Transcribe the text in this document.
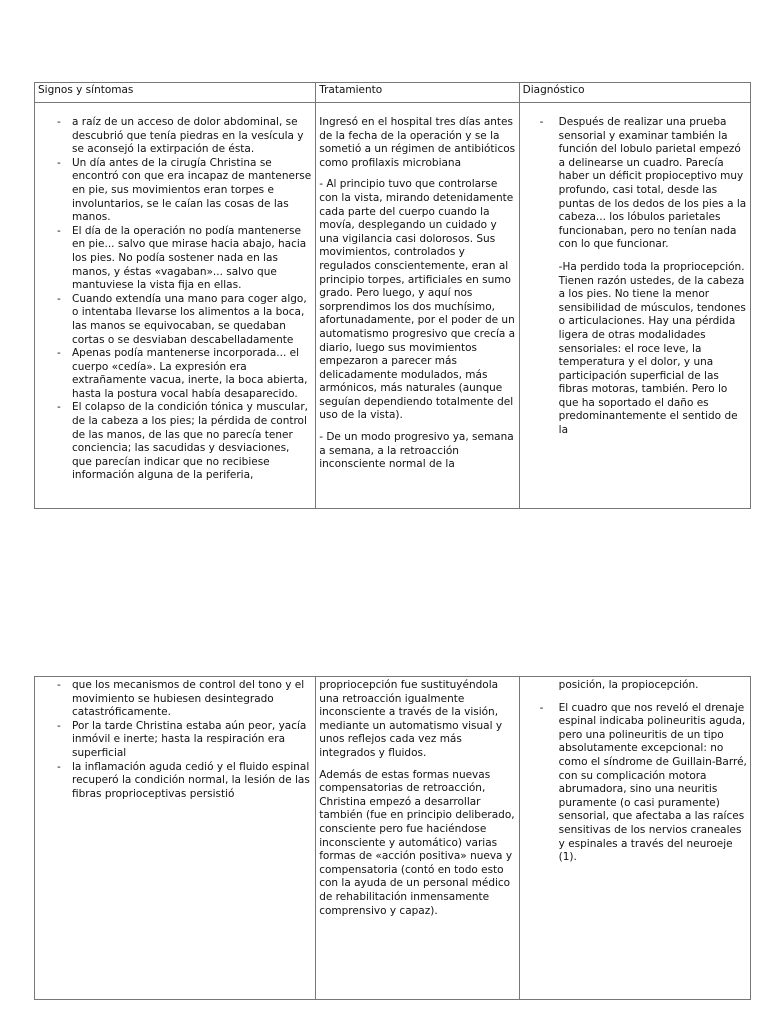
Signos y síntomas
- a raíz de un acceso de dolor abdominal, se descubrió que tenía piedras en la vesícula y se aconsejó la extirpación de ésta.
- Un día antes de la cirugía Christina se encontró con que era incapaz de mantenerse en pie, sus movimientos eran torpes e involuntarios, se le caían las cosas de las manos.
- El día de la operación no podía mantenerse en pie... salvo que mirase hacia abajo, hacia los pies. No podía sostener nada en las manos, y éstas «vagaban»... salvo que mantuviese la vista fija en ellas.
- Cuando extendía una mano para coger algo, o intentaba llevarse los alimentos a la boca, las manos se equivocaban, se quedaban cortas o se desviaban descabelladamente
- Apenas podía mantenerse incorporada... el cuerpo «cedía». La expresión era extrañamente vacua, inerte, la boca abierta, hasta la postura vocal había desaparecido.
- El colapso de la condición tónica y muscular, de la cabeza a los pies; la pérdida de control de las manos, de las que no parecía tener conciencia; las sacudidas y desviaciones, que parecían indicar que no recibiese información alguna de la periferia,
Tratamiento

Ingresó en el hospital tres días antes de la fecha de la operación y se la sometió a un régimen de antibióticos como profilaxis microbiana

- Al principio tuvo que controlarse con la vista, mirando detenidamente cada parte del cuerpo cuando la movía, desplegando un cuidado y una vigilancia casi dolorosos. Sus movimientos, controlados y regulados conscientemente, eran al principio torpes, artificiales en sumo grado. Pero luego, y aquí nos sorprendimos los dos muchísimo, afortunadamente, por el poder de un automatismo progresivo que crecía a diario, luego sus movimientos empezaron a parecer más delicadamente modulados, más armónicos, más naturales (aunque seguían dependiendo totalmente del uso de la vista).

- De un modo progresivo ya, semana a semana, a la retroacción inconsciente normal de la

Diagnóstico
- Después de realizar una prueba sensorial y examinar también la función del lobulo parietal empezó a delinearse un cuadro. Parecía haber un déficit propioceptivo muy profundo, casi total, desde las puntas de los dedos de los pies a la cabeza... los lóbulos parietales funcionaban, pero no tenían nada con lo que funcionar.
-Ha perdido toda la propriocepción. Tienen razón ustedes, de la cabeza a los pies. No tiene la menor sensibilidad de músculos, tendones o articulaciones. Hay una pérdida ligera de otras modalidades sensoriales: el roce leve, la temperatura y el dolor, y una participación superficial de las fibras motoras, también. Pero lo que ha soportado el daño es predominantemente el sentido de la
- que los mecanismos de control del tono y el movimiento se hubiesen desintegrado catastróficamente.
- Por la tarde Christina estaba aún peor, yacía inmóvil e inerte; hasta la respiración era superficial
- la inflamación aguda cedió y el fluido espinal recuperó la condición normal, la lesión de las fibras proprioceptivas persistió

propriocepción fue sustituyéndola una retroacción igualmente inconsciente a través de la visión, mediante un automatismo visual y unos reflejos cada vez más integrados y fluidos.

Además de estas formas nuevas compensatorias de retroacción, Christina empezó a desarrollar también (fue en principio deliberado, consciente pero fue haciéndose inconsciente y automático) varias formas de «acción positiva» nueva y compensatoria (contó en todo esto con la ayuda de un personal médico de rehabilitación inmensamente comprensivo y capaz).

posición, la propiocepción.
- El cuadro que nos reveló el drenaje espinal indicaba polineuritis aguda, pero una polineuritis de un tipo absolutamente excepcional: no como el síndrome de Guillain-Barré, con su complicación motora abrumadora, sino una neuritis puramente (o casi puramente) sensorial, que afectaba a las raíces sensitivas de los nervios craneales y espinales a través del neuroeje (1).
